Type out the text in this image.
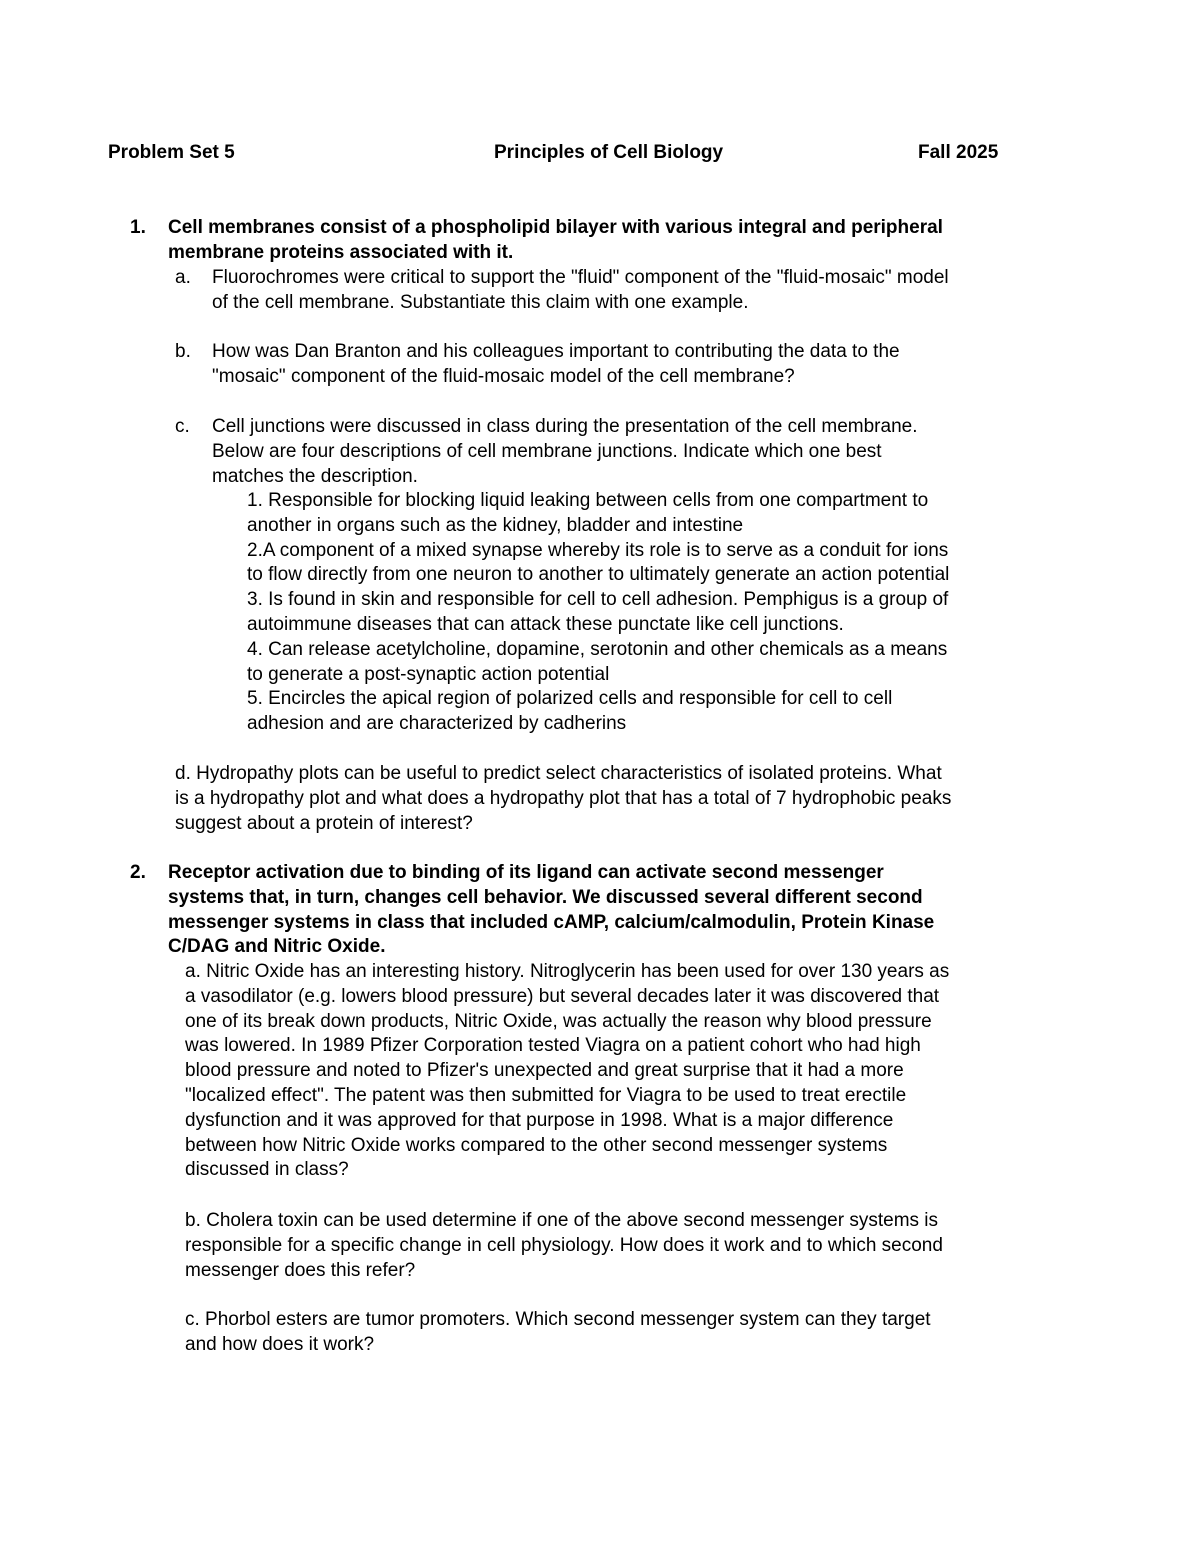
Problem Set 5	Principles of Cell Biology	Fall 2025
1. Cell membranes consist of a phospholipid bilayer with various integral and peripheral
membrane proteins associated with it.
a. Fluorochromes were critical to support the "fluid" component of the "fluid-mosaic" model
of the cell membrane. Substantiate this claim with one example.
b. How was Dan Branton and his colleagues important to contributing the data to the
"mosaic" component of the fluid-mosaic model of the cell membrane?
c. Cell junctions were discussed in class during the presentation of the cell membrane.
Below are four descriptions of cell membrane junctions. Indicate which one best
matches the description.
1. Responsible for blocking liquid leaking between cells from one compartment to
another in organs such as the kidney, bladder and intestine
2.A component of a mixed synapse whereby its role is to serve as a conduit for ions
to flow directly from one neuron to another to ultimately generate an action potential
3. Is found in skin and responsible for cell to cell adhesion. Pemphigus is a group of
autoimmune diseases that can attack these punctate like cell junctions.
4. Can release acetylcholine, dopamine, serotonin and other chemicals as a means
to generate a post-synaptic action potential
5. Encircles the apical region of polarized cells and responsible for cell to cell
adhesion and are characterized by cadherins
d. Hydropathy plots can be useful to predict select characteristics of isolated proteins. What
is a hydropathy plot and what does a hydropathy plot that has a total of 7 hydrophobic peaks
suggest about a protein of interest?
2. Receptor activation due to binding of its ligand can activate second messenger
systems that, in turn, changes cell behavior. We discussed several different second
messenger systems in class that included cAMP, calcium/calmodulin, Protein Kinase
C/DAG and Nitric Oxide.
a. Nitric Oxide has an interesting history. Nitroglycerin has been used for over 130 years as
a vasodilator (e.g. lowers blood pressure) but several decades later it was discovered that
one of its break down products, Nitric Oxide, was actually the reason why blood pressure
was lowered. In 1989 Pfizer Corporation tested Viagra on a patient cohort who had high
blood pressure and noted to Pfizer's unexpected and great surprise that it had a more
"localized effect". The patent was then submitted for Viagra to be used to treat erectile
dysfunction and it was approved for that purpose in 1998. What is a major difference
between how Nitric Oxide works compared to the other second messenger systems
discussed in class?
b. Cholera toxin can be used determine if one of the above second messenger systems is
responsible for a specific change in cell physiology. How does it work and to which second
messenger does this refer?
c. Phorbol esters are tumor promoters. Which second messenger system can they target
and how does it work?
